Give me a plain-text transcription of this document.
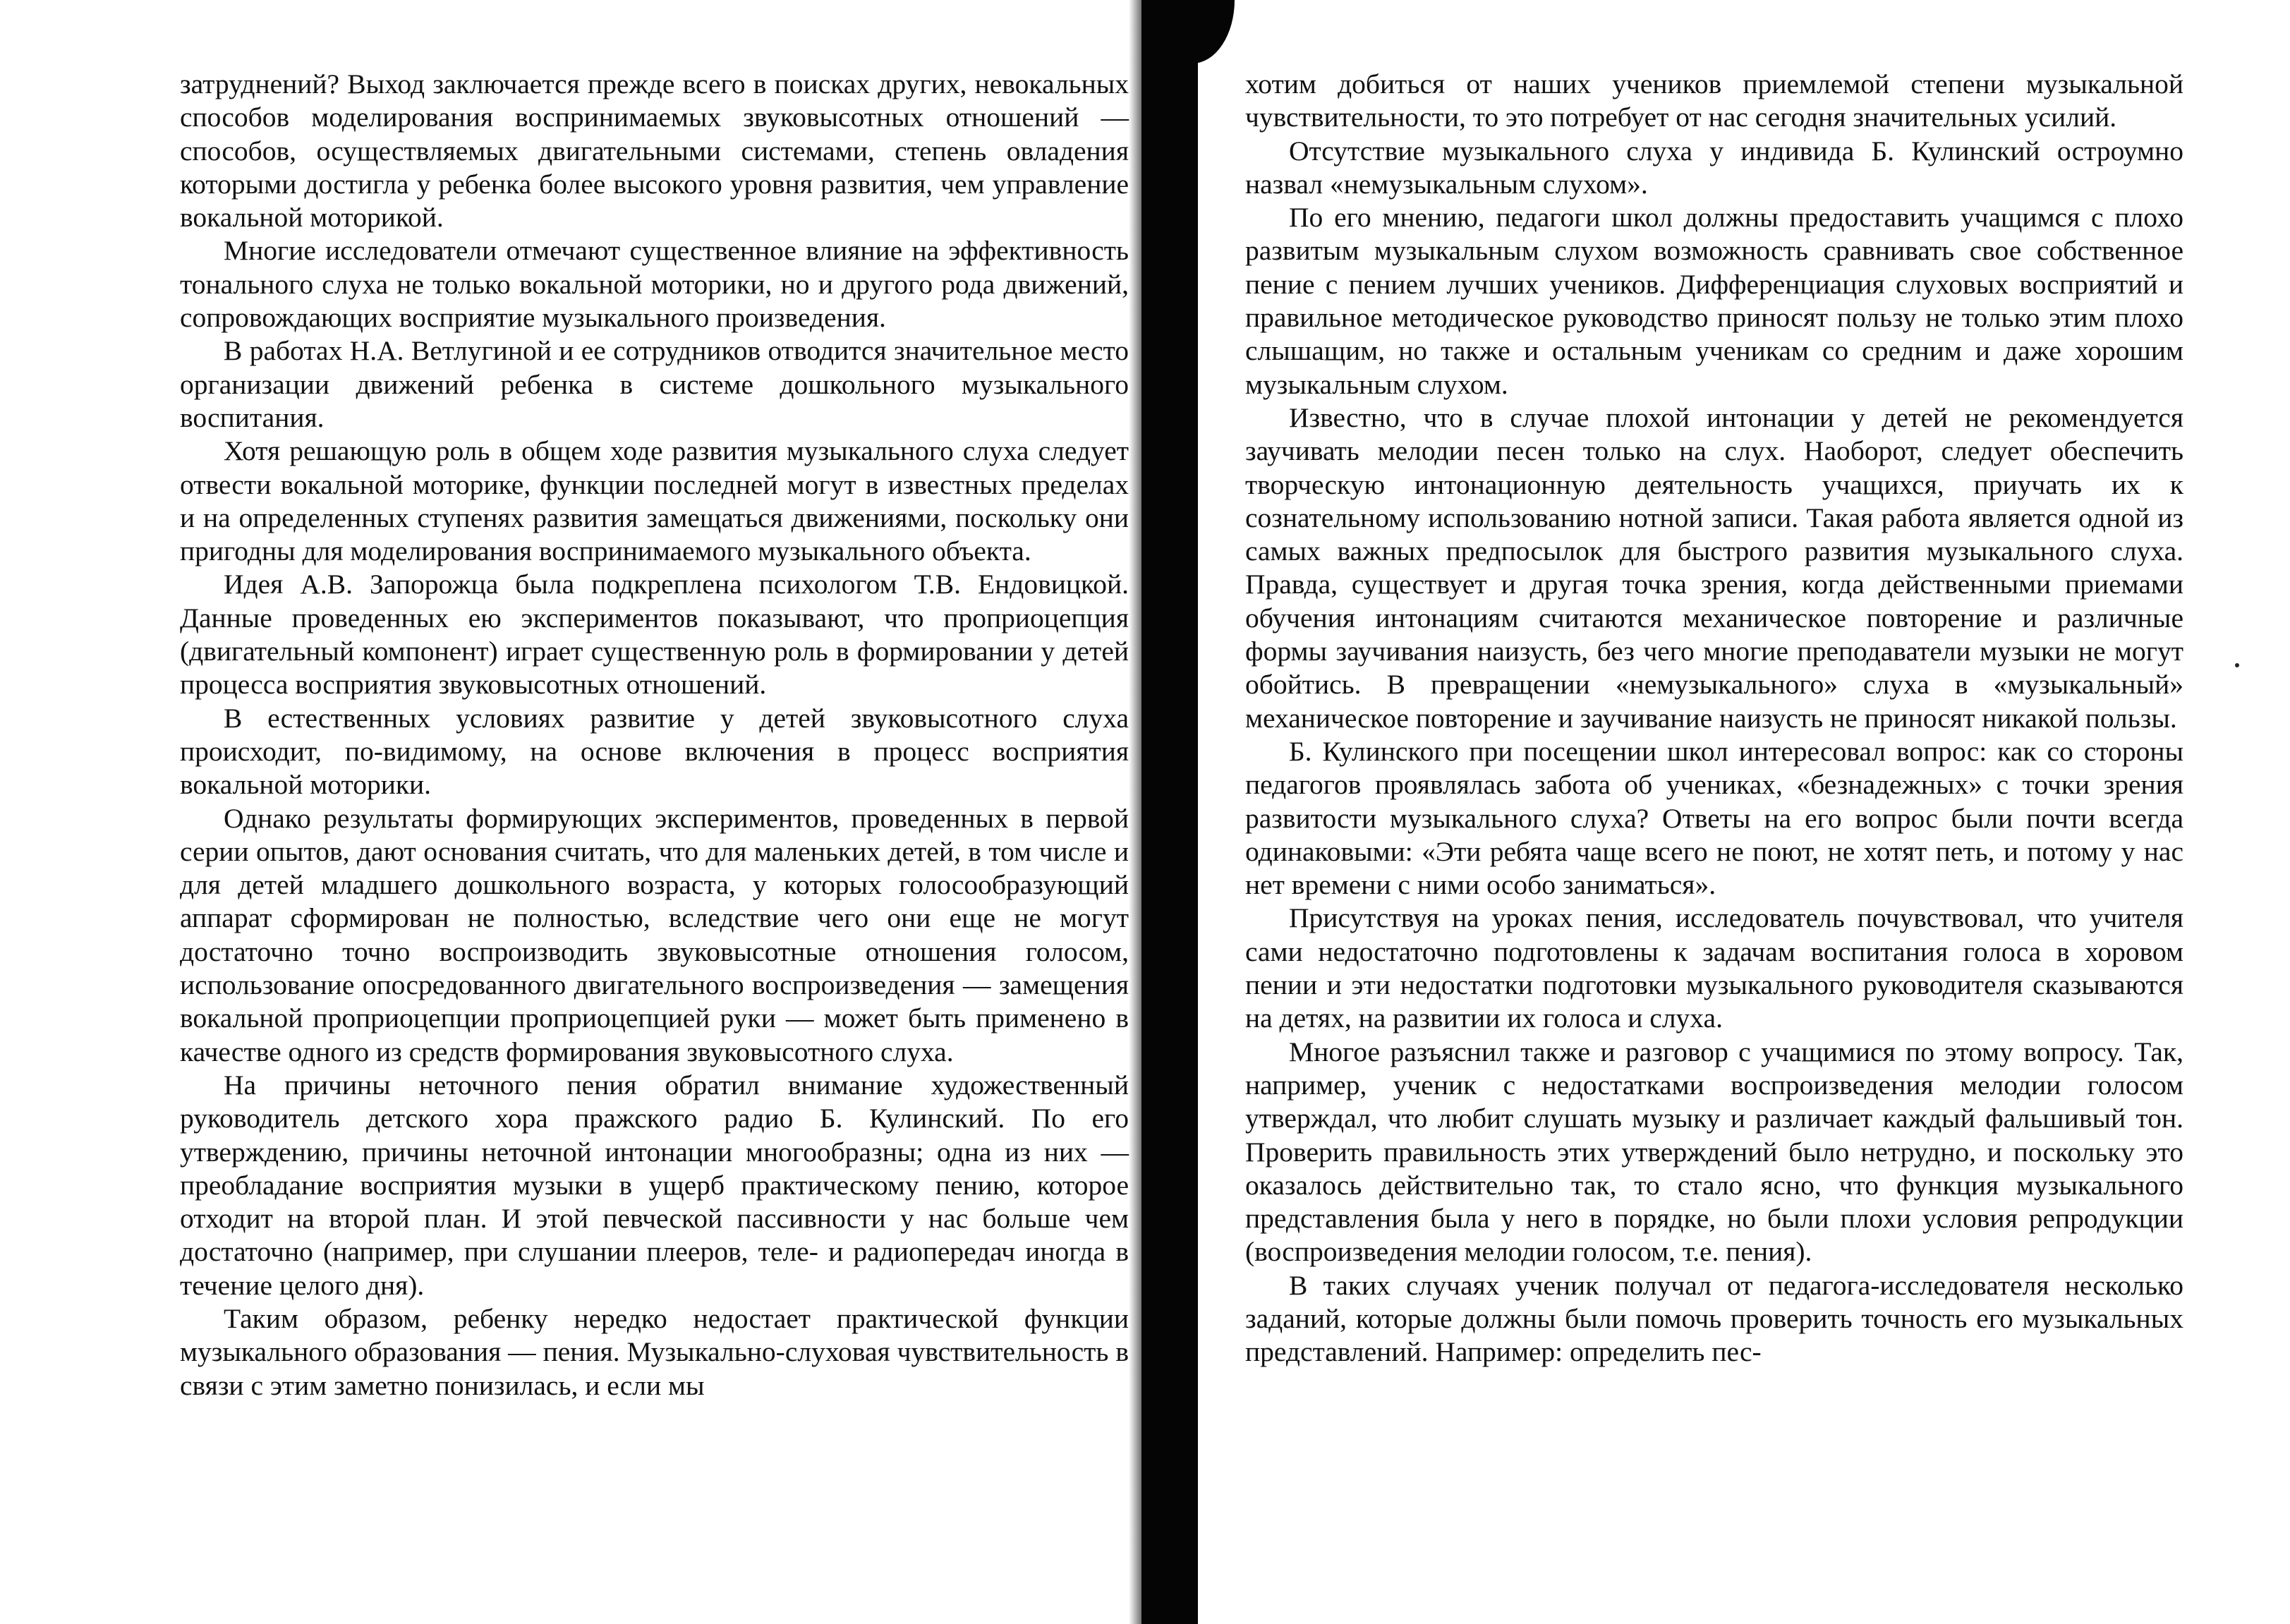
затруднений? Выход заключается прежде всего в поисках других, невокальных способов моделирования воспринимаемых звуковысотных отношений — способов, осуществляемых двигательными системами, степень овладения которыми достигла у ребенка более высокого уровня развития, чем управление вокальной моторикой.

Многие исследователи отмечают существенное влияние на эффективность тонального слуха не только вокальной моторики, но и другого рода движений, сопровождающих восприятие музыкального произведения.

В работах Н.А. Ветлугиной и ее сотрудников отводится значительное место организации движений ребенка в системе дошкольного музыкального воспитания.

Хотя решающую роль в общем ходе развития музыкального слуха следует отвести вокальной моторике, функции последней могут в известных пределах и на определенных ступенях развития замещаться движениями, поскольку они пригодны для моделирования воспринимаемого музыкального объекта.

Идея А.В. Запорожца была подкреплена психологом Т.В. Ендовицкой. Данные проведенных ею экспериментов показывают, что проприоцепция (двигательный компонент) играет существенную роль в формировании у детей процесса восприятия звуковысотных отношений.

В естественных условиях развитие у детей звуковысотного слуха происходит, по-видимому, на основе включения в процесс восприятия вокальной моторики.

Однако результаты формирующих экспериментов, проведенных в первой серии опытов, дают основания считать, что для маленьких детей, в том числе и для детей младшего дошкольного возраста, у которых голосообразующий аппарат сформирован не полностью, вследствие чего они еще не могут достаточно точно воспроизводить звуковысотные отношения голосом, использование опосредованного двигательного воспроизведения — замещения вокальной проприоцепции проприоцепцией руки — может быть применено в качестве одного из средств формирования звуковысотного слуха.

На причины неточного пения обратил внимание художественный руководитель детского хора пражского радио Б. Кулинский. По его утверждению, причины неточной интонации многообразны; одна из них — преобладание восприятия музыки в ущерб практическому пению, которое отходит на второй план. И этой певческой пассивности у нас больше чем достаточно (например, при слушании плееров, теле- и радиопередач иногда в течение целого дня).

Таким образом, ребенку нередко недостает практической функции музыкального образования — пения. Музыкально-слуховая чувствительность в связи с этим заметно понизилась, и если мы

хотим добиться от наших учеников приемлемой степени музыкальной чувствительности, то это потребует от нас сегодня значительных усилий.

Отсутствие музыкального слуха у индивида Б. Кулинский остроумно назвал «немузыкальным слухом».

По его мнению, педагоги школ должны предоставить учащимся с плохо развитым музыкальным слухом возможность сравнивать свое собственное пение с пением лучших учеников. Дифференциация слуховых восприятий и правильное методическое руководство приносят пользу не только этим плохо слышащим, но также и остальным ученикам со средним и даже хорошим музыкальным слухом.

Известно, что в случае плохой интонации у детей не рекомендуется заучивать мелодии песен только на слух. Наоборот, следует обеспечить творческую интонационную деятельность учащихся, приучать их к сознательному использованию нотной записи. Такая работа является одной из самых важных предпосылок для быстрого развития музыкального слуха. Правда, существует и другая точка зрения, когда действенными приемами обучения интонациям считаются механическое повторение и различные формы заучивания наизусть, без чего многие преподаватели музыки не могут обойтись. В превращении «немузыкального» слуха в «музыкальный» механическое повторение и заучивание наизусть не приносят никакой пользы.

Б. Кулинского при посещении школ интересовал вопрос: как со стороны педагогов проявлялась забота об учениках, «безнадежных» с точки зрения развитости музыкального слуха? Ответы на его вопрос были почти всегда одинаковыми: «Эти ребята чаще всего не поют, не хотят петь, и потому у нас нет времени с ними особо заниматься».

Присутствуя на уроках пения, исследователь почувствовал, что учителя сами недостаточно подготовлены к задачам воспитания голоса в хоровом пении и эти недостатки подготовки музыкального руководителя сказываются на детях, на развитии их голоса и слуха.

Многое разъяснил также и разговор с учащимися по этому вопросу. Так, например, ученик с недостатками воспроизведения мелодии голосом утверждал, что любит слушать музыку и различает каждый фальшивый тон. Проверить правильность этих утверждений было нетрудно, и поскольку это оказалось действительно так, то стало ясно, что функция музыкального представления была у него в порядке, но были плохи условия репродукции (воспроизведения мелодии голосом, т.е. пения).

В таких случаях ученик получал от педагога-исследователя несколько заданий, которые должны были помочь проверить точность его музыкальных представлений. Например: определить пес-
